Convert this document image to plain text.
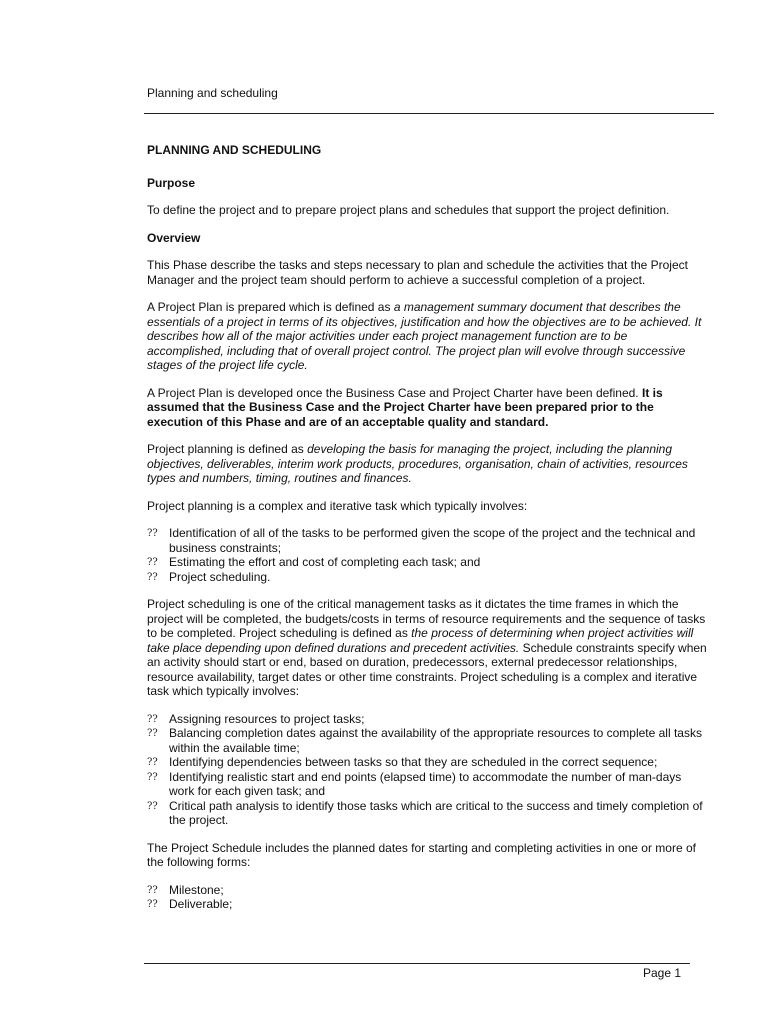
Planning and scheduling
PLANNING AND SCHEDULING
Purpose

To define the project and to prepare project plans and schedules that support the project definition.

Overview

This Phase describe the tasks and steps necessary to plan and schedule the activities that the Project Manager and the project team should perform to achieve a successful completion of a project.

A Project Plan is prepared which is defined as a management summary document that describes the essentials of a project in terms of its objectives, justification and how the objectives are to be achieved. It describes how all of the major activities under each project management function are to be accomplished, including that of overall project control. The project plan will evolve through successive stages of the project life cycle.

A Project Plan is developed once the Business Case and Project Charter have been defined. It is assumed that the Business Case and the Project Charter have been prepared prior to the execution of this Phase and are of an acceptable quality and standard.

Project planning is defined as developing the basis for managing the project, including the planning objectives, deliverables, interim work products, procedures, organisation, chain of activities, resources types and numbers, timing, routines and finances.

Project planning is a complex and iterative task which typically involves:

?? Identification of all of the tasks to be performed given the scope of the project and the technical and business constraints;
?? Estimating the effort and cost of completing each task; and
?? Project scheduling.

Project scheduling is one of the critical management tasks as it dictates the time frames in which the project will be completed, the budgets/costs in terms of resource requirements and the sequence of tasks to be completed. Project scheduling is defined as the process of determining when project activities will take place depending upon defined durations and precedent activities. Schedule constraints specify when an activity should start or end, based on duration, predecessors, external predecessor relationships, resource availability, target dates or other time constraints. Project scheduling is a complex and iterative task which typically involves:

?? Assigning resources to project tasks;
?? Balancing completion dates against the availability of the appropriate resources to complete all tasks within the available time;
?? Identifying dependencies between tasks so that they are scheduled in the correct sequence;
?? Identifying realistic start and end points (elapsed time) to accommodate the number of man-days work for each given task; and
?? Critical path analysis to identify those tasks which are critical to the success and timely completion of the project.

The Project Schedule includes the planned dates for starting and completing activities in one or more of the following forms:

?? Milestone;
?? Deliverable;
Page 1
